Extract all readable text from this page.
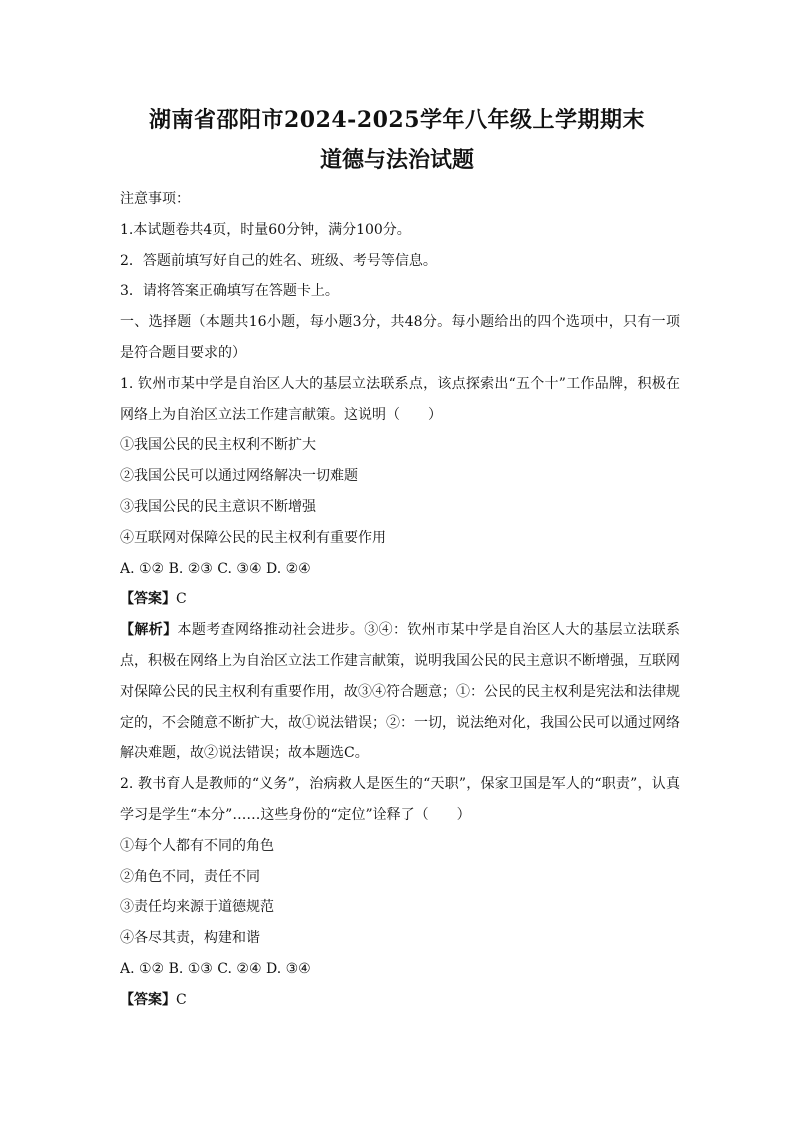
湖南省邵阳市2024-2025学年八年级上学期期末
道德与法治试题
注意事项：
1.本试题卷共4页，时量60分钟，满分100分。
2．答题前填写好自己的姓名、班级、考号等信息。
3．请将答案正确填写在答题卡上。
一、选择题（本题共16小题，每小题3分，共48分。每小题给出的四个选项中，只有一项是符合题目要求的）
1. 钦州市某中学是自治区人大的基层立法联系点，该点探索出“五个十”工作品牌，积极在网络上为自治区立法工作建言献策。这说明（　　）
①我国公民的民主权利不断扩大
②我国公民可以通过网络解决一切难题
③我国公民的民主意识不断增强
④互联网对保障公民的民主权利有重要作用
A. ①② B. ②③ C. ③④ D. ②④
【答案】C
【解析】本题考查网络推动社会进步。③④：钦州市某中学是自治区人大的基层立法联系点，积极在网络上为自治区立法工作建言献策，说明我国公民的民主意识不断增强，互联网对保障公民的民主权利有重要作用，故③④符合题意；①：公民的民主权利是宪法和法律规定的，不会随意不断扩大，故①说法错误；②：一切，说法绝对化，我国公民可以通过网络解决难题，故②说法错误；故本题选C。
2. 教书育人是教师的“义务”，治病救人是医生的“天职”，保家卫国是军人的“职责”，认真学习是学生“本分”……这些身份的“定位”诠释了（　　）
①每个人都有不同的角色
②角色不同，责任不同
③责任均来源于道德规范
④各尽其责，构建和谐
A. ①② B. ①③ C. ②④ D. ③④
【答案】C
